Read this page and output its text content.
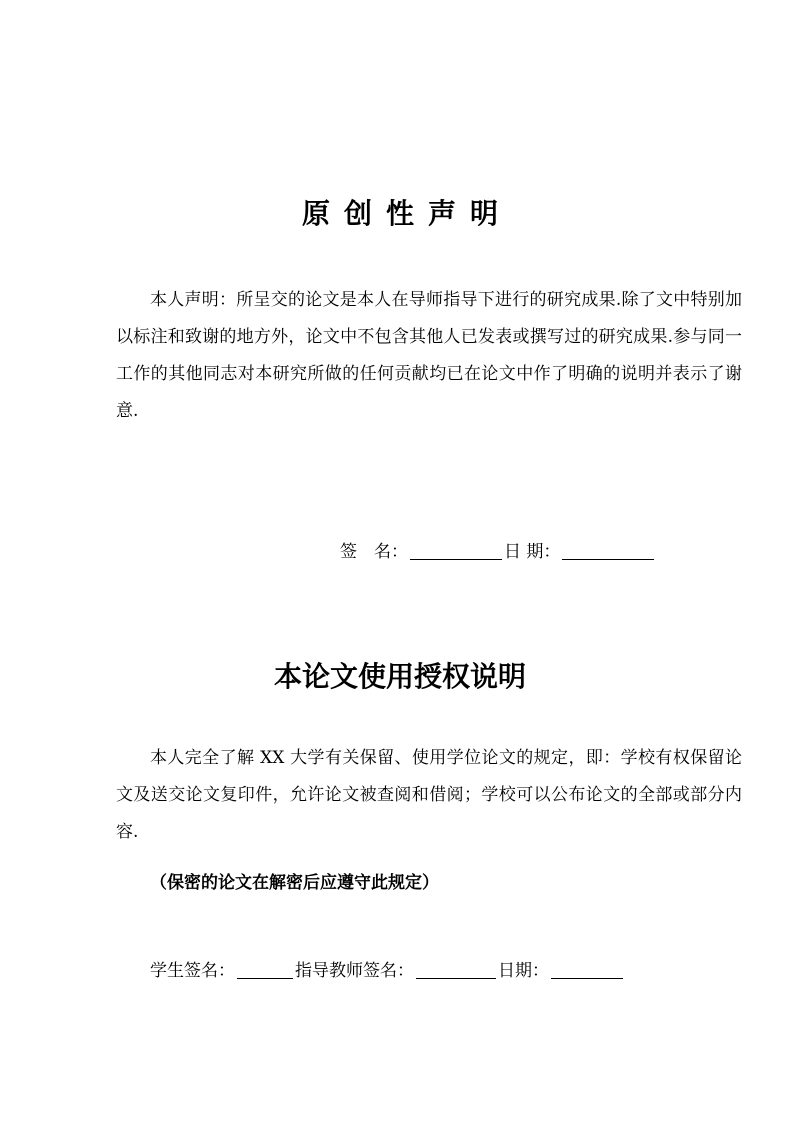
原创性声明
本人声明：所呈交的论文是本人在导师指导下进行的研究成果.除了文中特别加以标注和致谢的地方外，论文中不包含其他人已发表或撰写过的研究成果.参与同一工作的其他同志对本研究所做的任何贡献均已在论文中作了明确的说明并表示了谢意.
签　名：	日 期：
本论文使用授权说明
本人完全了解 XX 大学有关保留、使用学位论文的规定，即：学校有权保留论文及送交论文复印件，允许论文被查阅和借阅；学校可以公布论文的全部或部分内容.
（保密的论文在解密后应遵守此规定）
学生签名：	指导教师签名：	日期：
